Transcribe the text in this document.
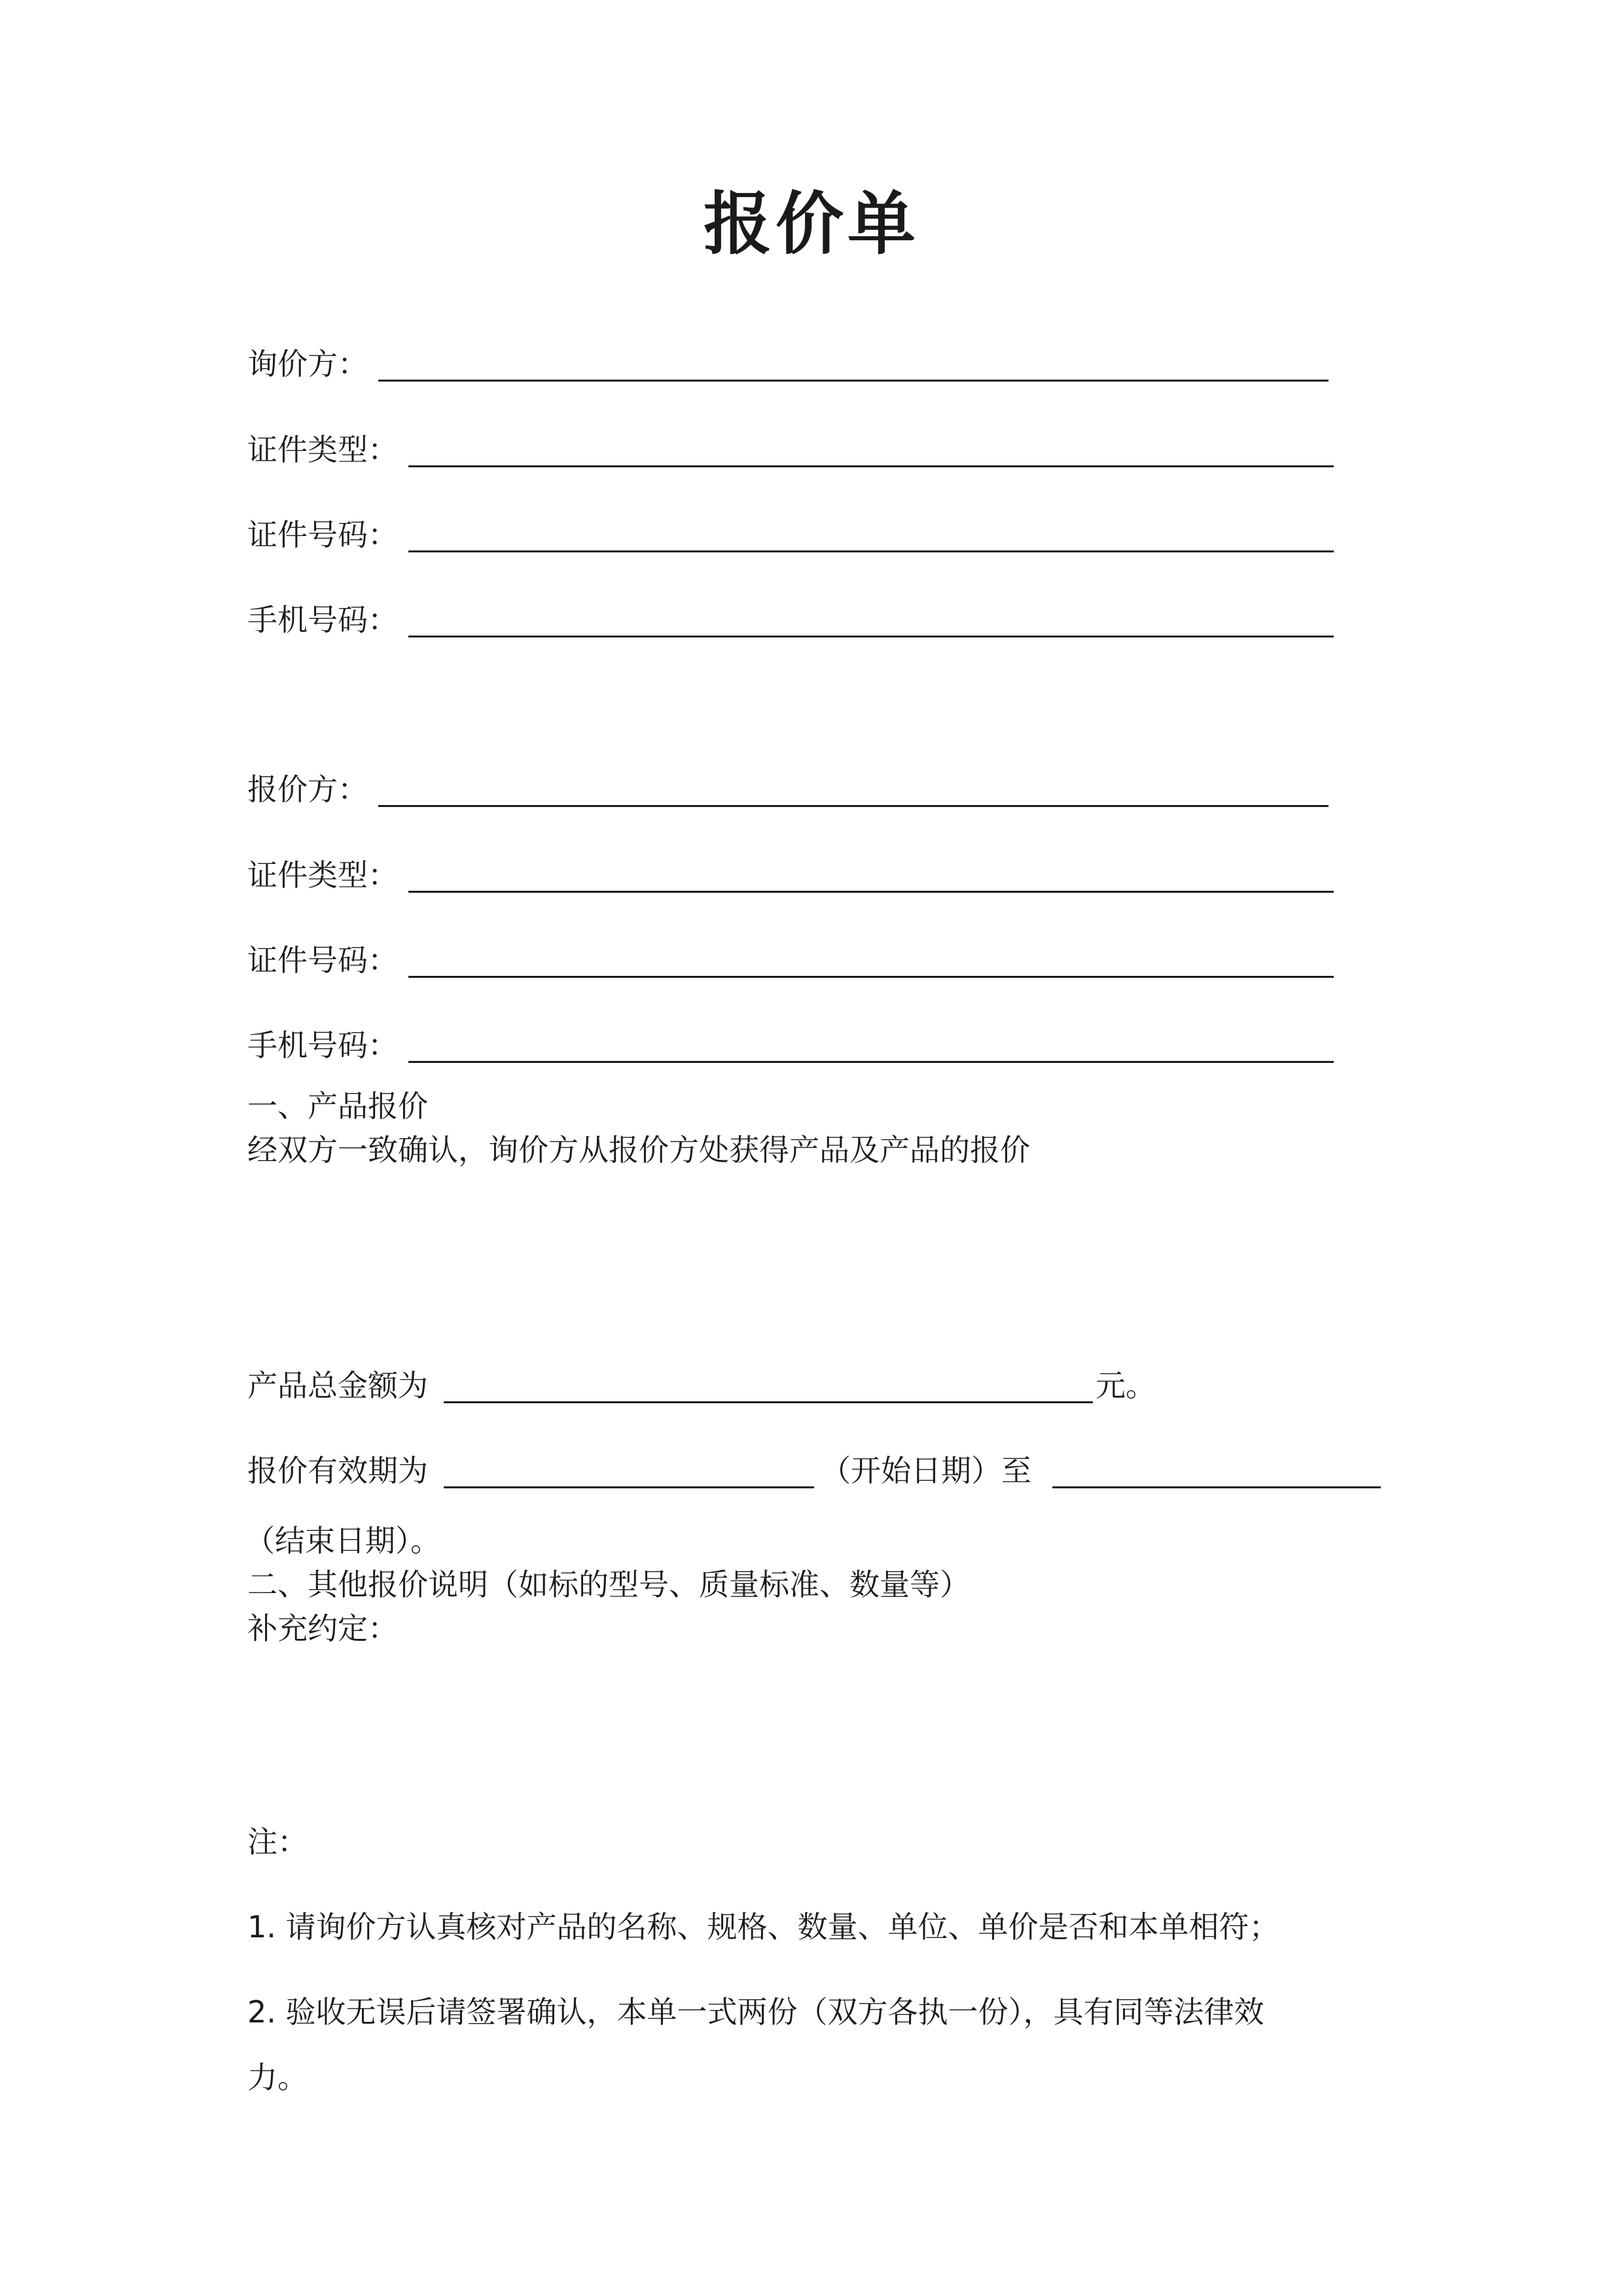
报价单
询价方：
证件类型：
证件号码：
手机号码：
报价方：
证件类型：
证件号码：
手机号码：
一、产品报价
经双方一致确认，询价方从报价方处获得产品及产品的报价
产品总金额为	元。
报价有效期为	（开始日期）至
（结束日期）。
二、其他报价说明（如标的型号、质量标准、数量等）
补充约定：
注：
1. 请询价方认真核对产品的名称、规格、数量、单位、单价是否和本单相符；
2. 验收无误后请签署确认，本单一式两份（双方各执一份），具有同等法律效
力。
